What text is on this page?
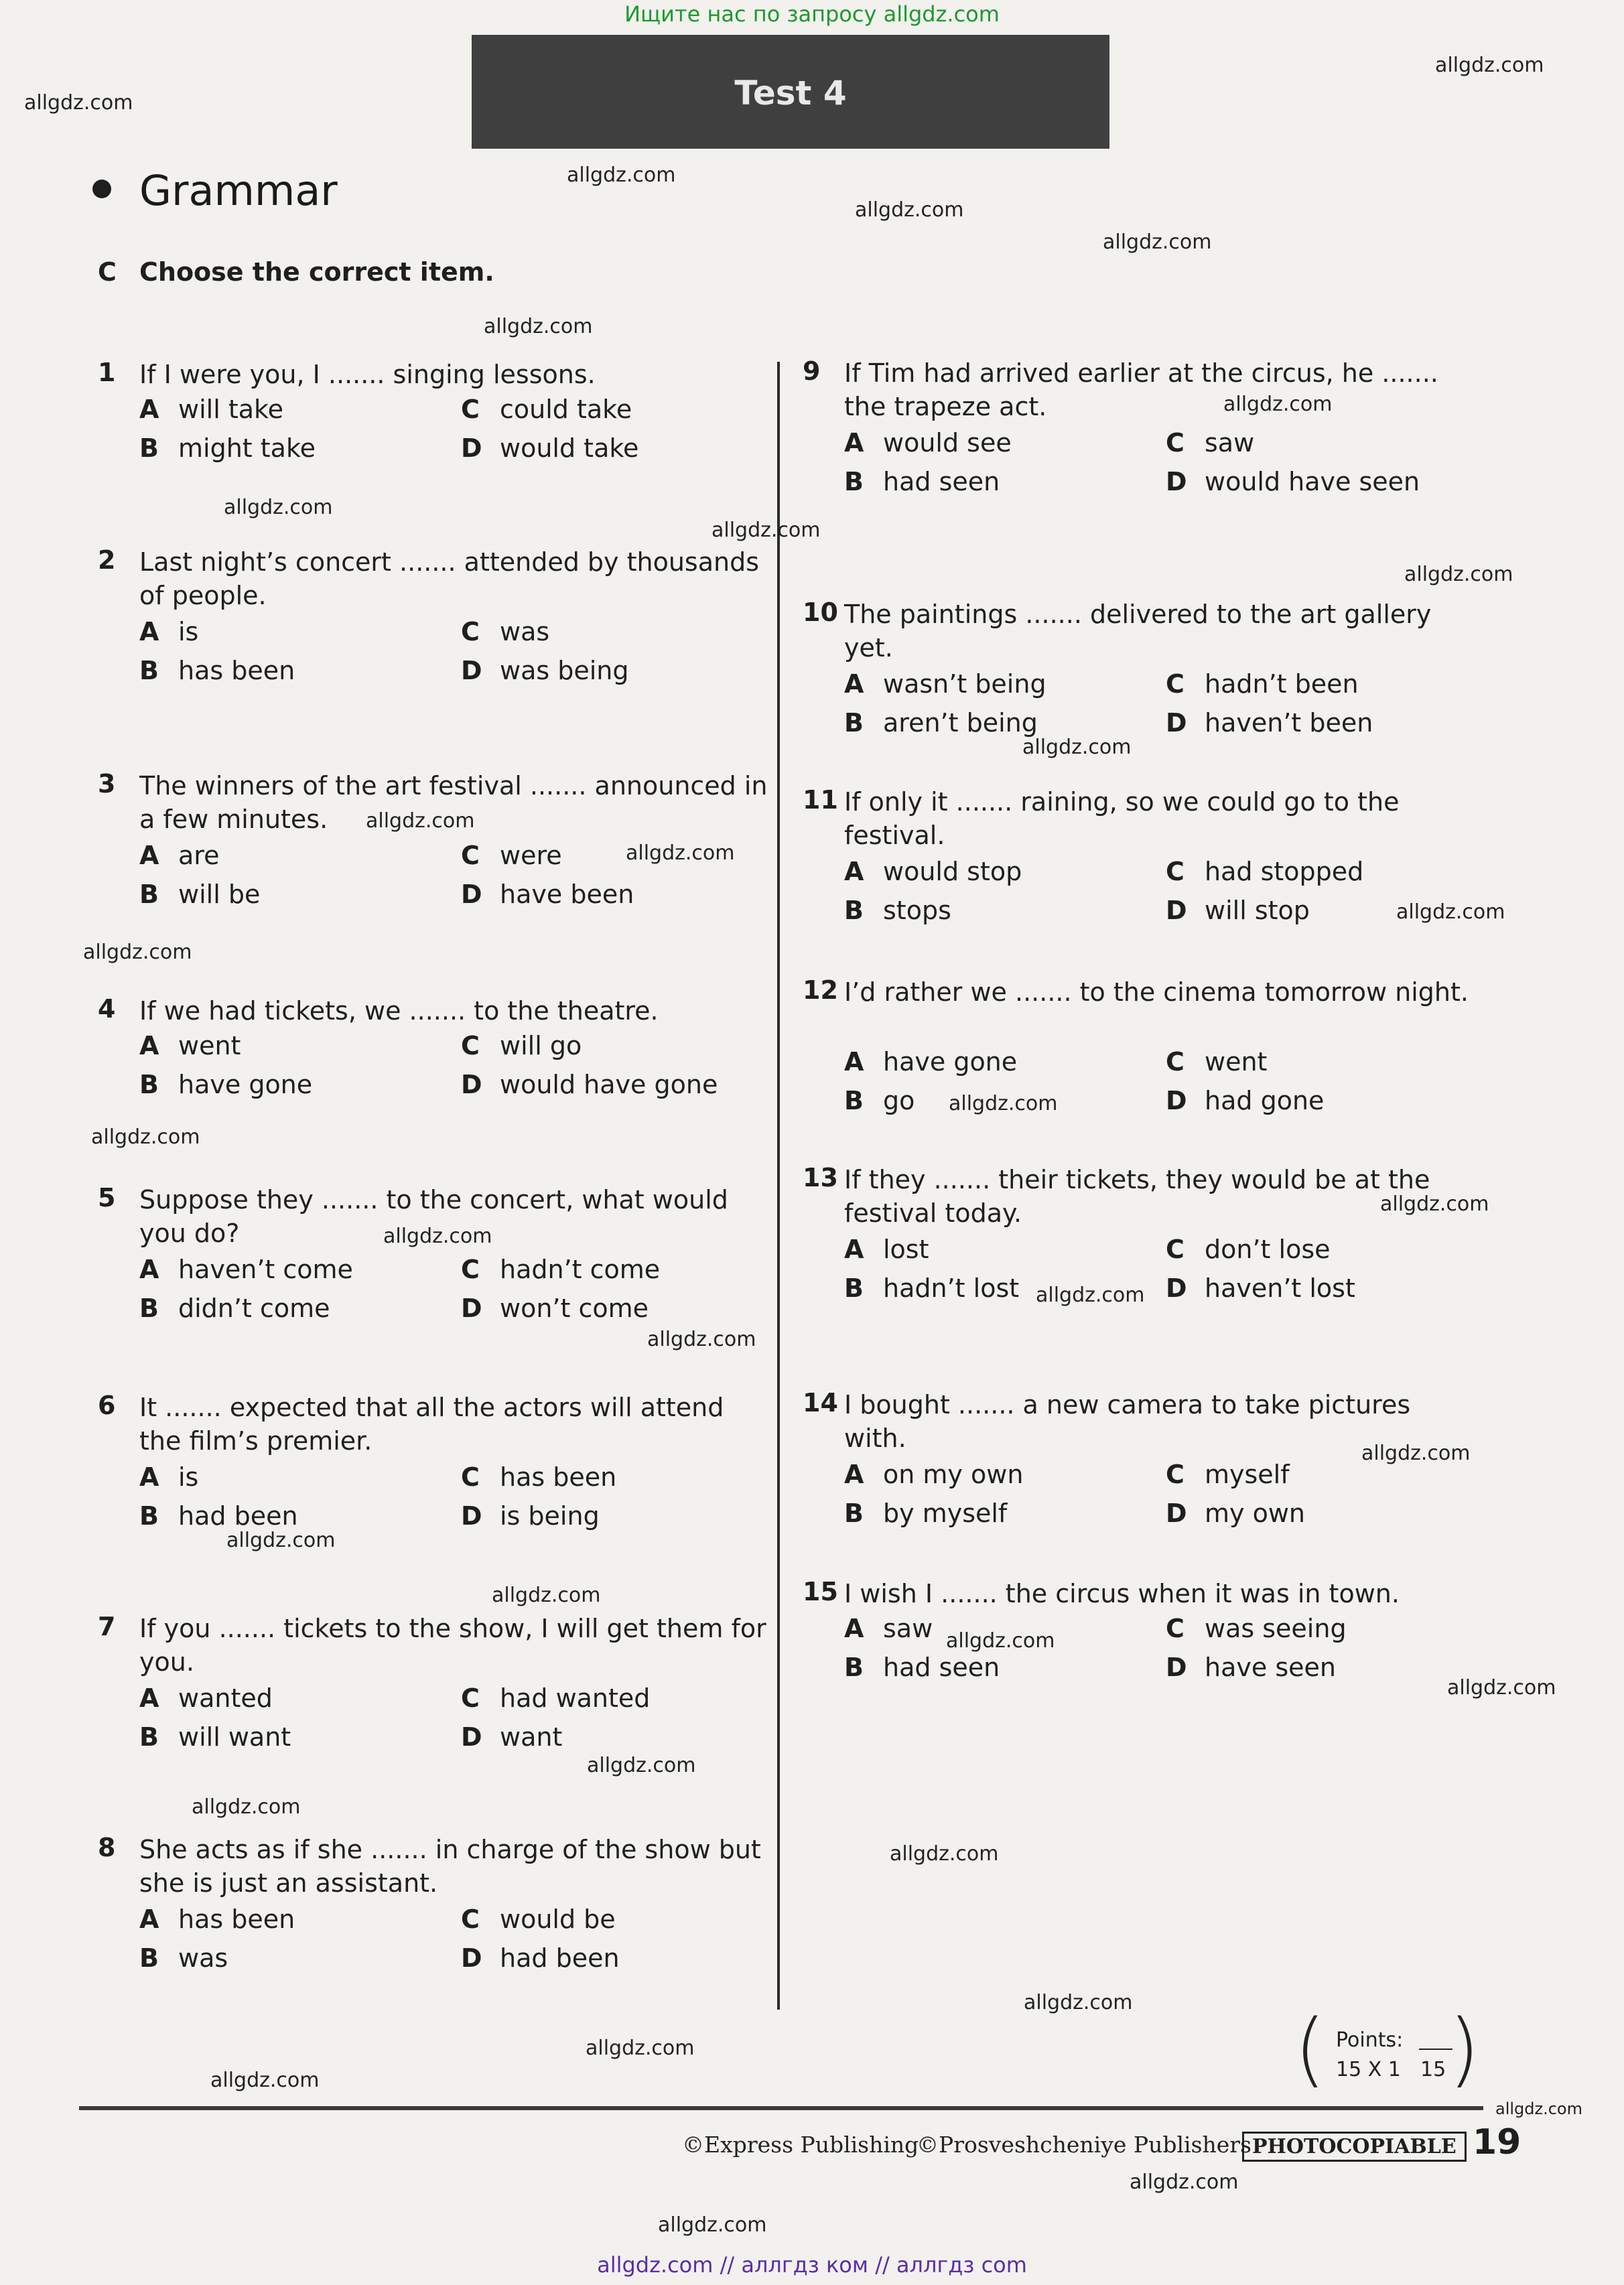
Ищите нас по запросу allgdz.com
Test 4
Grammar
C Choose the correct item.
1 If I were you, I ....... singing lessons.
A will take
B might take
C could take
D would take
2 Last night’s concert ....... attended by thousands of people.
A is
B has been
C was
D was being
3 The winners of the art festival ....... announced in a few minutes.
A are
B will be
C were
D have been
4 If we had tickets, we ....... to the theatre.
A went
B have gone
C will go
D would have gone
5 Suppose they ....... to the concert, what would you do?
A haven’t come
B didn’t come
C hadn’t come
D won’t come
6 It ....... expected that all the actors will attend the film’s premier.
A is
B had been
C has been
D is being
7 If you ....... tickets to the show, I will get them for you.
A wanted
B will want
C had wanted
D want
8 She acts as if she ....... in charge of the show but she is just an assistant.
A has been
B was
C would be
D had been
9 If Tim had arrived earlier at the circus, he ....... the trapeze act.
A would see
B had seen
C saw
D would have seen
10 The paintings ....... delivered to the art gallery yet.
A wasn’t being
B aren’t being
C hadn’t been
D haven’t been
11 If only it ....... raining, so we could go to the festival.
A would stop
B stops
C had stopped
D will stop
12 I’d rather we ....... to the cinema tomorrow night.
A have gone
B go
C went
D had gone
13 If they ....... their tickets, they would be at the festival today.
A lost
B hadn’t lost
C don’t lose
D haven’t lost
14 I bought ....... a new camera to take pictures with.
A on my own
B by myself
C myself
D my own
15 I wish I ....... the circus when it was in town.
A saw
B had seen
C was seeing
D have seen
( Points:
15 X 1 15 )
©Express Publishing
©Prosveshcheniye Publishers PHOTOCOPIABLE 19
allgdz.com
allgdz.com
allgdz.com
allgdz.com
allgdz.com
allgdz.com
allgdz.com
allgdz.com
allgdz.com
allgdz.com
allgdz.com
allgdz.com
allgdz.com
allgdz.com
allgdz.com
allgdz.com
allgdz.com
allgdz.com
allgdz.com
allgdz.com
allgdz.com
allgdz.com
allgdz.com
allgdz.com
allgdz.com
allgdz.com
allgdz.com
allgdz.com
allgdz.com
allgdz.com
allgdz.com
allgdz.com
allgdz.com
allgdz.com
allgdz.com
allgdz.com // аллгдз ком // аллгдз com
